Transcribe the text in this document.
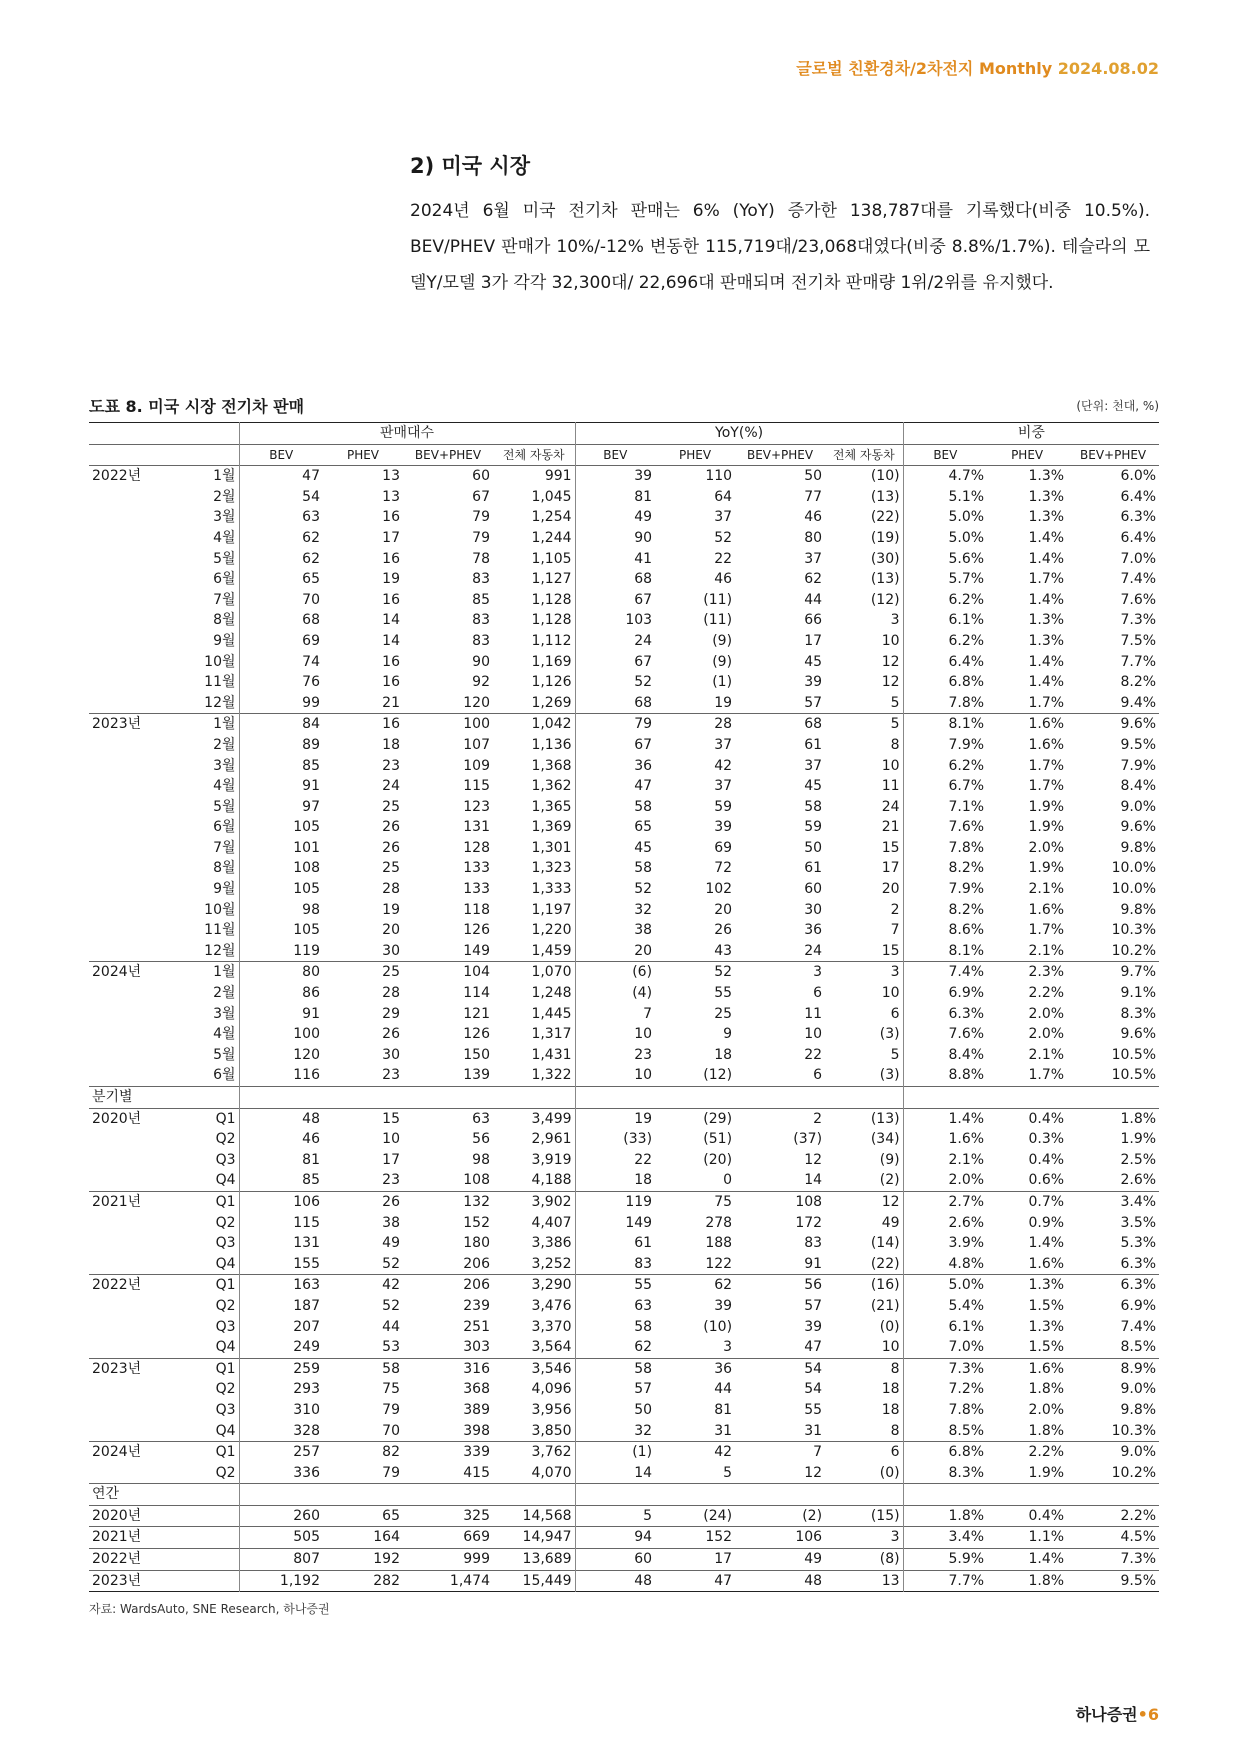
글로벌 친환경차/2차전지 Monthly 2024.08.02
2) 미국 시장
2024년 6월 미국 전기차 판매는 6% (YoY) 증가한 138,787대를 기록했다(비중 10.5%). BEV/PHEV 판매가 10%/-12% 변동한 115,719대/23,068대였다(비중 8.8%/1.7%). 테슬라의 모델Y/모델 3가 각각 32,300대/ 22,696대 판매되며 전기차 판매량 1위/2위를 유지했다.
도표 8. 미국 시장 전기차 판매	(단위: 천대, %)
		판매대수				YoY(%)				비중		
		BEV	PHEV	BEV+PHEV	전체 자동차	BEV	PHEV	BEV+PHEV	전체 자동차	BEV	PHEV	BEV+PHEV
2022년	1월	47	13	60	991	39	110	50	(10)	4.7%	1.3%	6.0%
	2월	54	13	67	1,045	81	64	77	(13)	5.1%	1.3%	6.4%
	3월	63	16	79	1,254	49	37	46	(22)	5.0%	1.3%	6.3%
	4월	62	17	79	1,244	90	52	80	(19)	5.0%	1.4%	6.4%
	5월	62	16	78	1,105	41	22	37	(30)	5.6%	1.4%	7.0%
	6월	65	19	83	1,127	68	46	62	(13)	5.7%	1.7%	7.4%
	7월	70	16	85	1,128	67	(11)	44	(12)	6.2%	1.4%	7.6%
	8월	68	14	83	1,128	103	(11)	66	3	6.1%	1.3%	7.3%
	9월	69	14	83	1,112	24	(9)	17	10	6.2%	1.3%	7.5%
	10월	74	16	90	1,169	67	(9)	45	12	6.4%	1.4%	7.7%
	11월	76	16	92	1,126	52	(1)	39	12	6.8%	1.4%	8.2%
	12월	99	21	120	1,269	68	19	57	5	7.8%	1.7%	9.4%
2023년	1월	84	16	100	1,042	79	28	68	5	8.1%	1.6%	9.6%
	2월	89	18	107	1,136	67	37	61	8	7.9%	1.6%	9.5%
	3월	85	23	109	1,368	36	42	37	10	6.2%	1.7%	7.9%
	4월	91	24	115	1,362	47	37	45	11	6.7%	1.7%	8.4%
	5월	97	25	123	1,365	58	59	58	24	7.1%	1.9%	9.0%
	6월	105	26	131	1,369	65	39	59	21	7.6%	1.9%	9.6%
	7월	101	26	128	1,301	45	69	50	15	7.8%	2.0%	9.8%
	8월	108	25	133	1,323	58	72	61	17	8.2%	1.9%	10.0%
	9월	105	28	133	1,333	52	102	60	20	7.9%	2.1%	10.0%
	10월	98	19	118	1,197	32	20	30	2	8.2%	1.6%	9.8%
	11월	105	20	126	1,220	38	26	36	7	8.6%	1.7%	10.3%
	12월	119	30	149	1,459	20	43	24	15	8.1%	2.1%	10.2%
2024년	1월	80	25	104	1,070	(6)	52	3	3	7.4%	2.3%	9.7%
	2월	86	28	114	1,248	(4)	55	6	10	6.9%	2.2%	9.1%
	3월	91	29	121	1,445	7	25	11	6	6.3%	2.0%	8.3%
	4월	100	26	126	1,317	10	9	10	(3)	7.6%	2.0%	9.6%
	5월	120	30	150	1,431	23	18	22	5	8.4%	2.1%	10.5%
	6월	116	23	139	1,322	10	(12)	6	(3)	8.8%	1.7%	10.5%
분기별												
2020년	Q1	48	15	63	3,499	19	(29)	2	(13)	1.4%	0.4%	1.8%
	Q2	46	10	56	2,961	(33)	(51)	(37)	(34)	1.6%	0.3%	1.9%
	Q3	81	17	98	3,919	22	(20)	12	(9)	2.1%	0.4%	2.5%
	Q4	85	23	108	4,188	18	0	14	(2)	2.0%	0.6%	2.6%
2021년	Q1	106	26	132	3,902	119	75	108	12	2.7%	0.7%	3.4%
	Q2	115	38	152	4,407	149	278	172	49	2.6%	0.9%	3.5%
	Q3	131	49	180	3,386	61	188	83	(14)	3.9%	1.4%	5.3%
	Q4	155	52	206	3,252	83	122	91	(22)	4.8%	1.6%	6.3%
2022년	Q1	163	42	206	3,290	55	62	56	(16)	5.0%	1.3%	6.3%
	Q2	187	52	239	3,476	63	39	57	(21)	5.4%	1.5%	6.9%
	Q3	207	44	251	3,370	58	(10)	39	(0)	6.1%	1.3%	7.4%
	Q4	249	53	303	3,564	62	3	47	10	7.0%	1.5%	8.5%
2023년	Q1	259	58	316	3,546	58	36	54	8	7.3%	1.6%	8.9%
	Q2	293	75	368	4,096	57	44	54	18	7.2%	1.8%	9.0%
	Q3	310	79	389	3,956	50	81	55	18	7.8%	2.0%	9.8%
	Q4	328	70	398	3,850	32	31	31	8	8.5%	1.8%	10.3%
2024년	Q1	257	82	339	3,762	(1)	42	7	6	6.8%	2.2%	9.0%
	Q2	336	79	415	4,070	14	5	12	(0)	8.3%	1.9%	10.2%
연간												
2020년		260	65	325	14,568	5	(24)	(2)	(15)	1.8%	0.4%	2.2%
2021년		505	164	669	14,947	94	152	106	3	3.4%	1.1%	4.5%
2022년		807	192	999	13,689	60	17	49	(8)	5.9%	1.4%	7.3%
2023년		1,192	282	1,474	15,449	48	47	48	13	7.7%	1.8%	9.5%
자료: WardsAuto, SNE Research, 하나증권
하나증권•6
